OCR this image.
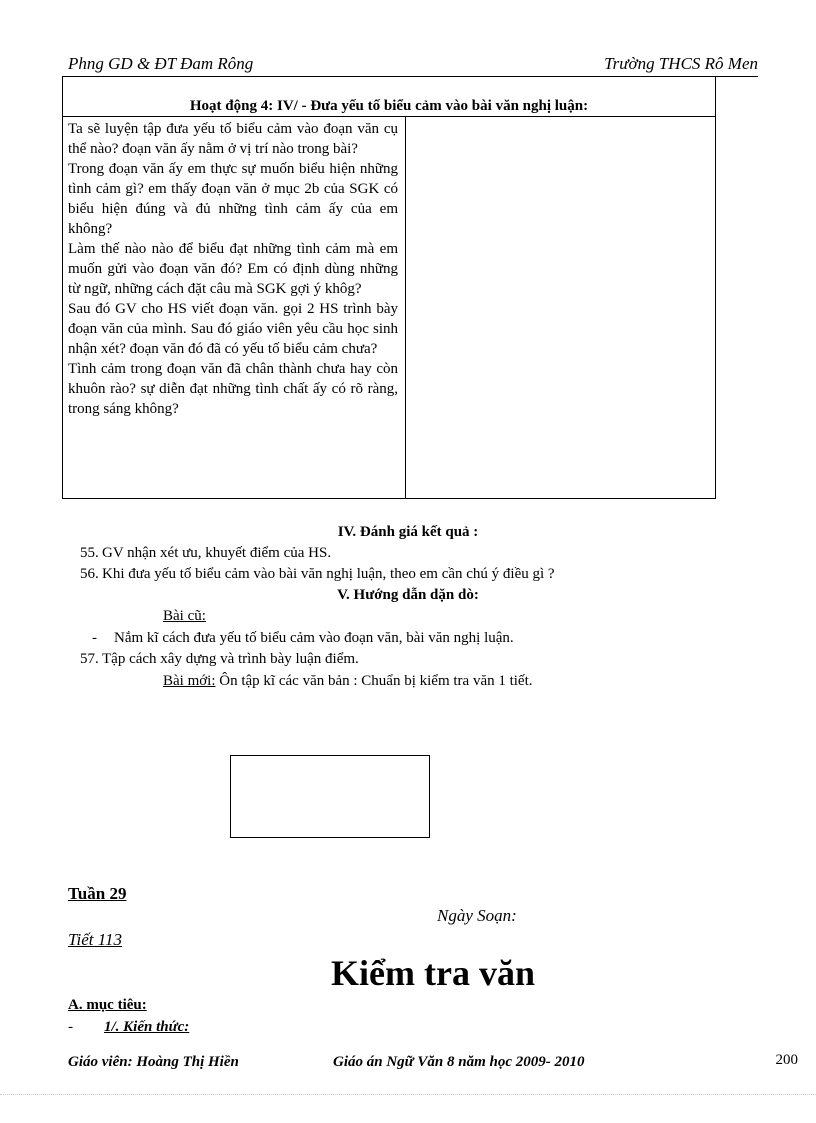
Phng GD & ĐT Đam Rông	Trường THCS Rô Men
Hoạt động 4: IV/ - Đưa yếu tố biểu cảm vào bài văn nghị luận:

Ta sẽ luyện tập đưa yếu tố biểu cảm vào đoạn văn cụ thể nào? đoạn văn ấy nằm ở vị trí nào trong bài?

Trong đoạn văn ấy em thực sự muốn biểu hiện những tình cảm gì? em thấy đoạn văn ở mục 2b của SGK có biểu hiện đúng và đủ những tình cảm ấy của em không?

Làm thế nào nào để biểu đạt những tình cảm mà em muốn gửi vào đoạn văn đó? Em có định dùng những từ ngữ, những cách đặt câu mà SGK gợi ý khôg?

Sau đó GV cho HS viết đoạn văn. gọi 2 HS trình bày đoạn văn của mình. Sau đó giáo viên yêu cầu học sinh nhận xét? đoạn văn đó đã có yếu tố biểu cảm chưa?

Tình cảm trong đoạn văn đã chân thành chưa hay còn khuôn rào? sự diễn đạt những tình chất ấy có rõ ràng, trong sáng không?

IV. Đánh giá kết quả :
55. GV nhận xét ưu, khuyết điểm của HS.
56. Khi đưa yếu tố biểu cảm vào bài văn nghị luận, theo em cần chú ý điều gì ?
V. Hướng dẫn dặn dò:
Bài cũ:
- Nắm kĩ cách đưa yếu tố biểu cảm vào đoạn văn, bài văn nghị luận.
57. Tập cách xây dựng và trình bày luận điểm.
Bài mới: Ôn tập kĩ các văn bản : Chuẩn bị kiểm tra văn 1 tiết.
Tuần 29
Ngày Soạn:
Tiết 113
Kiểm tra văn
A. mục tiêu:
- 1/. Kiến thức:
Giáo viên: Hoàng Thị Hiền	Giáo án Ngữ Văn 8 năm học 2009- 2010	200
